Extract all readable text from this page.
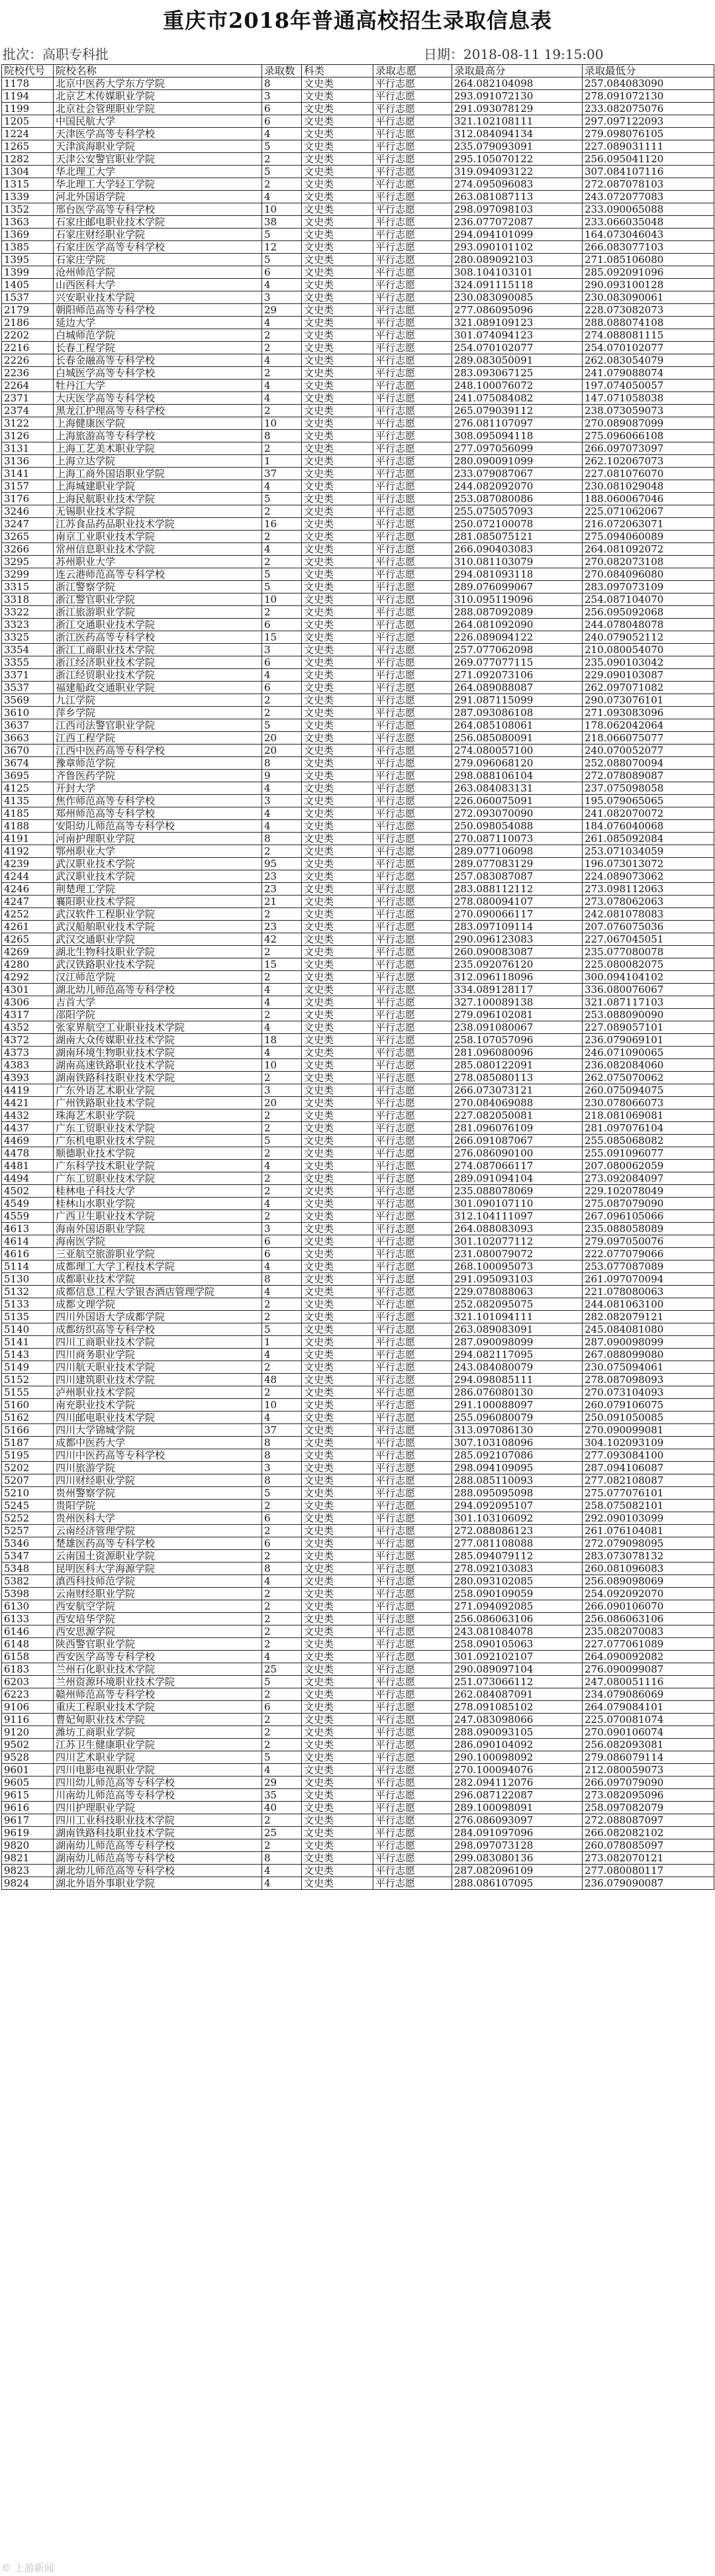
重庆市2018年普通高校招生录取信息表
批次：高职专科批	日期：2018-08-11 19:15:00
院校代号	院校名称	录取数	科类	录取志愿	录取最高分	录取最低分
1178	北京中医药大学东方学院	8	文史类	平行志愿	264.082104098	257.084083090
1194	北京艺术传媒职业学院	3	文史类	平行志愿	293.091072130	278.091072130
1199	北京社会管理职业学院	6	文史类	平行志愿	291.093078129	233.082075076
1205	中国民航大学	6	文史类	平行志愿	321.102108111	297.097122093
1224	天津医学高等专科学校	4	文史类	平行志愿	312.084094134	279.098076105
1265	天津滨海职业学院	5	文史类	平行志愿	235.079093091	227.089031111
1282	天津公安警官职业学院	2	文史类	平行志愿	295.105070122	256.095041120
1304	华北理工大学	5	文史类	平行志愿	319.094093122	307.084107116
1315	华北理工大学轻工学院	2	文史类	平行志愿	274.095096083	272.087078103
1339	河北外国语学院	4	文史类	平行志愿	263.081087113	243.072077083
1352	邢台医学高等专科学校	10	文史类	平行志愿	298.097098103	233.090065088
1363	石家庄邮电职业技术学院	38	文史类	平行志愿	236.077072087	233.066035048
1369	石家庄财经职业学院	5	文史类	平行志愿	294.094101099	164.073046043
1385	石家庄医学高等专科学校	12	文史类	平行志愿	293.090101102	266.083077103
1395	石家庄学院	5	文史类	平行志愿	280.089092103	271.085106080
1399	沧州师范学院	6	文史类	平行志愿	308.104103101	285.092091096
1405	山西医科大学	4	文史类	平行志愿	324.091115118	290.093100128
1537	兴安职业技术学院	3	文史类	平行志愿	230.083090085	230.083090061
2179	朝阳师范高等专科学校	29	文史类	平行志愿	277.086095096	228.073082073
2186	延边大学	4	文史类	平行志愿	321.089109123	288.088074108
2202	白城师范学院	2	文史类	平行志愿	301.074094123	274.088081115
2216	长春工程学院	2	文史类	平行志愿	254.070102077	254.070102077
2226	长春金融高等专科学校	4	文史类	平行志愿	289.083050091	262.083054079
2236	白城医学高等专科学校	2	文史类	平行志愿	283.093067125	241.079088074
2264	牡丹江大学	4	文史类	平行志愿	248.100076072	197.074050057
2371	大庆医学高等专科学校	4	文史类	平行志愿	241.075084082	147.071058038
2374	黑龙江护理高等专科学校	2	文史类	平行志愿	265.079039112	238.073059073
3122	上海健康医学院	10	文史类	平行志愿	276.081107097	270.089087099
3126	上海旅游高等专科学校	8	文史类	平行志愿	308.095094118	275.096066108
3131	上海工艺美术职业学院	2	文史类	平行志愿	277.097056099	266.097073097
3136	上海立达学院	1	文史类	平行志愿	280.090091099	262.102067073
3141	上海工商外国语职业学院	37	文史类	平行志愿	233.079087067	227.081076070
3157	上海城建职业学院	4	文史类	平行志愿	244.082092070	230.081029048
3176	上海民航职业技术学院	5	文史类	平行志愿	253.087080086	188.060067046
3246	无锡职业技术学院	2	文史类	平行志愿	255.075057093	225.071062067
3247	江苏食品药品职业技术学院	16	文史类	平行志愿	250.072100078	216.072063071
3265	南京工业职业技术学院	2	文史类	平行志愿	281.085075121	275.094060089
3266	常州信息职业技术学院	4	文史类	平行志愿	266.090403083	264.081092072
3295	苏州职业大学	2	文史类	平行志愿	310.081103079	270.082073108
3299	连云港师范高等专科学校	5	文史类	平行志愿	294.081093118	270.084096080
3315	浙江警察学院	5	文史类	平行志愿	289.076099067	283.097073109
3318	浙江警官职业学院	10	文史类	平行志愿	310.095119096	254.087104070
3322	浙江旅游职业学院	2	文史类	平行志愿	288.087092089	256.095092068
3323	浙江交通职业技术学院	6	文史类	平行志愿	264.081092090	244.078048078
3325	浙江医药高等专科学校	15	文史类	平行志愿	226.089094122	240.079052112
3354	浙江工商职业技术学院	3	文史类	平行志愿	257.077062098	210.080054070
3355	浙江经济职业技术学院	6	文史类	平行志愿	269.077077115	235.090103042
3371	浙江经贸职业技术学院	4	文史类	平行志愿	271.092073106	229.090103087
3537	福建船政交通职业学院	6	文史类	平行志愿	264.089088087	262.097071082
3569	九江学院	2	文史类	平行志愿	291.087115099	290.073076101
3610	萍乡学院	2	文史类	平行志愿	287.093086108	271.093083096
3637	江西司法警官职业学院	5	文史类	平行志愿	264.085108061	178.062042064
3663	江西工程学院	20	文史类	平行志愿	256.085080091	218.066075077
3670	江西中医药高等专科学校	20	文史类	平行志愿	274.080057100	240.070052077
3674	豫章师范学院	8	文史类	平行志愿	279.096068120	252.088070094
3695	齐鲁医药学院	9	文史类	平行志愿	298.088106104	272.078089087
4125	开封大学	4	文史类	平行志愿	263.084083131	237.075098058
4135	焦作师范高等专科学校	3	文史类	平行志愿	226.060075091	195.079065065
4185	郑州师范高等专科学校	4	文史类	平行志愿	272.093070090	241.082070072
4188	安阳幼儿师范高等专科学校	4	文史类	平行志愿	250.098054088	184.076040068
4191	河南护理职业学院	8	文史类	平行志愿	270.087110073	261.085092084
4192	鄂州职业大学	2	文史类	平行志愿	289.077106098	253.071034059
4239	武汉职业技术学院	95	文史类	平行志愿	289.077083129	196.073013072
4244	武汉职业技术学院	23	文史类	平行志愿	257.083087087	224.089073062
4246	荆楚理工学院	23	文史类	平行志愿	283.088112112	273.098112063
4247	襄阳职业技术学院	21	文史类	平行志愿	278.080094107	273.078062063
4252	武汉软件工程职业学院	2	文史类	平行志愿	270.090066117	242.081078083
4261	武汉船舶职业技术学院	23	文史类	平行志愿	283.097109114	207.076075036
4265	武汉交通职业学院	42	文史类	平行志愿	290.096123083	227.067045051
4269	湖北生物科技职业学院	2	文史类	平行志愿	260.090083087	235.077080078
4280	武汉铁路职业技术学院	15	文史类	平行志愿	235.092076120	225.080082075
4292	汉江师范学院	2	文史类	平行志愿	312.096118096	300.094104102
4301	湖北幼儿师范高等专科学校	4	文史类	平行志愿	334.089128117	336.080076067
4306	吉首大学	4	文史类	平行志愿	327.100089138	321.087117103
4317	邵阳学院	2	文史类	平行志愿	279.096102081	253.088090090
4352	张家界航空工业职业技术学院	4	文史类	平行志愿	238.091080067	227.089057101
4372	湖南大众传媒职业技术学院	18	文史类	平行志愿	258.107057096	236.079069101
4373	湖南环境生物职业技术学院	4	文史类	平行志愿	281.096080096	246.071090065
4383	湖南高速铁路职业技术学院	10	文史类	平行志愿	285.080122091	236.082084060
4393	湖南铁路科技职业技术学院	2	文史类	平行志愿	278.085080113	262.075070062
4419	广东外语艺术职业学院	3	文史类	平行志愿	266.073073121	260.075094075
4421	广州铁路职业技术学院	20	文史类	平行志愿	270.084069088	230.078066073
4432	珠海艺术职业学院	2	文史类	平行志愿	227.082050081	218.081069081
4437	广东工贸职业技术学院	2	文史类	平行志愿	281.096076109	281.097076104
4469	广东机电职业技术学院	5	文史类	平行志愿	266.091087067	255.085068082
4478	顺德职业技术学院	2	文史类	平行志愿	276.086090100	255.091096077
4481	广东科学技术职业学院	4	文史类	平行志愿	274.087066117	207.080062059
4494	广东工贸职业技术学院	2	文史类	平行志愿	289.091094104	273.092084097
4502	桂林电子科技大学	2	文史类	平行志愿	235.088078069	229.102078049
4549	桂林山水职业学院	4	文史类	平行志愿	301.090107110	275.087079090
4559	广西卫生职业技术学院	2	文史类	平行志愿	312.104111097	267.096105066
4613	海南外国语职业学院	3	文史类	平行志愿	264.088083093	235.088058089
4614	海南医学院	6	文史类	平行志愿	301.102077112	279.097050076
4616	三亚航空旅游职业学院	6	文史类	平行志愿	231.080079072	222.077079066
5114	成都理工大学工程技术学院	4	文史类	平行志愿	268.100095073	253.077087089
5130	成都职业技术学院	8	文史类	平行志愿	291.095093103	261.097070094
5132	成都信息工程大学银杏酒店管理学院	4	文史类	平行志愿	229.078088063	221.078080063
5133	成都文理学院	2	文史类	平行志愿	252.082095075	244.081063100
5135	四川外国语大学成都学院	2	文史类	平行志愿	321.101094111	282.082079121
5140	成都纺织高等专科学校	5	文史类	平行志愿	263.089083091	245.084081080
5141	四川工商职业技术学院	1	文史类	平行志愿	287.090098099	287.090098099
5143	四川商务职业学院	4	文史类	平行志愿	294.082117095	267.088099080
5149	四川航天职业技术学院	2	文史类	平行志愿	243.084080079	230.075094061
5152	四川建筑职业技术学院	48	文史类	平行志愿	294.098085111	278.087098093
5155	泸州职业技术学院	2	文史类	平行志愿	286.076080130	270.073104093
5160	南充职业技术学院	10	文史类	平行志愿	291.100088097	260.079106075
5162	四川邮电职业技术学院	4	文史类	平行志愿	255.096080079	250.091050085
5166	四川大学锦城学院	37	文史类	平行志愿	313.097086130	270.090099081
5187	成都中医药大学	8	文史类	平行志愿	307.103108096	304.102093109
5195	四川中医药高等专科学校	8	文史类	平行志愿	285.092107086	277.093084100
5202	四川旅游学院	3	文史类	平行志愿	298.094109095	287.094106087
5207	四川财经职业学院	8	文史类	平行志愿	288.085110093	277.082108087
5210	贵州警察学院	5	文史类	平行志愿	288.095095098	275.077076101
5245	贵阳学院	2	文史类	平行志愿	294.092095107	258.075082101
5252	贵州医科大学	6	文史类	平行志愿	301.103106092	292.090103099
5257	云南经济管理学院	2	文史类	平行志愿	272.088086123	261.076104081
5346	楚雄医药高等专科学校	6	文史类	平行志愿	277.081108088	272.079098095
5347	云南国土资源职业学院	2	文史类	平行志愿	285.094079112	283.073078132
5348	昆明医科大学海源学院	8	文史类	平行志愿	278.092103083	260.081096083
5382	滇西科技师范学院	4	文史类	平行志愿	280.093102085	256.089098069
5398	云南财经职业学院	2	文史类	平行志愿	258.090109059	254.092092070
6130	西安航空学院	2	文史类	平行志愿	271.094092085	266.090106070
6133	西安培华学院	2	文史类	平行志愿	256.086063106	256.086063106
6146	西安思源学院	2	文史类	平行志愿	243.081084078	235.082070083
6148	陕西警官职业学院	2	文史类	平行志愿	258.090105063	227.077061089
6158	西安医学高等专科学校	4	文史类	平行志愿	301.092102107	264.090092082
6183	兰州石化职业技术学院	25	文史类	平行志愿	290.089097104	276.090099087
6203	兰州资源环境职业技术学院	5	文史类	平行志愿	251.073066112	247.080051116
6223	赣州师范高等专科学校	2	文史类	平行志愿	262.084087091	234.079086069
9106	重庆工程职业技术学院	6	文史类	平行志愿	278.091085102	264.079084101
9116	曹妃甸职业技术学院	2	文史类	平行志愿	247.083098066	225.070081074
9120	潍坊工商职业学院	2	文史类	平行志愿	288.090093105	270.090106074
9502	江苏卫生健康职业学院	2	文史类	平行志愿	286.090104092	256.082093081
9528	四川艺术职业学院	5	文史类	平行志愿	290.100098092	279.086079114
9601	四川电影电视职业学院	4	文史类	平行志愿	270.100094076	212.080059073
9605	四川幼儿师范高等专科学校	29	文史类	平行志愿	282.094112076	266.097079090
9615	川南幼儿师范高等专科学校	35	文史类	平行志愿	296.087122087	273.082095096
9616	四川护理职业学院	40	文史类	平行志愿	289.100098091	258.097082079
9617	四川工业科技职业技术学院	2	文史类	平行志愿	276.086093097	272.088087097
9619	湖南铁路科技职业技术学院	25	文史类	平行志愿	284.091097096	266.082082102
9820	湖南幼儿师范高等专科学校	2	文史类	平行志愿	298.097073128	260.078085097
9821	湖南幼儿师范高等专科学校	8	文史类	平行志愿	299.083080136	273.082070121
9823	湖北幼儿师范高等专科学校	4	文史类	平行志愿	287.082096109	277.080080117
9824	湖北外语外事职业学院	4	文史类	平行志愿	288.086107095	236.079090087
© 上游新闻
